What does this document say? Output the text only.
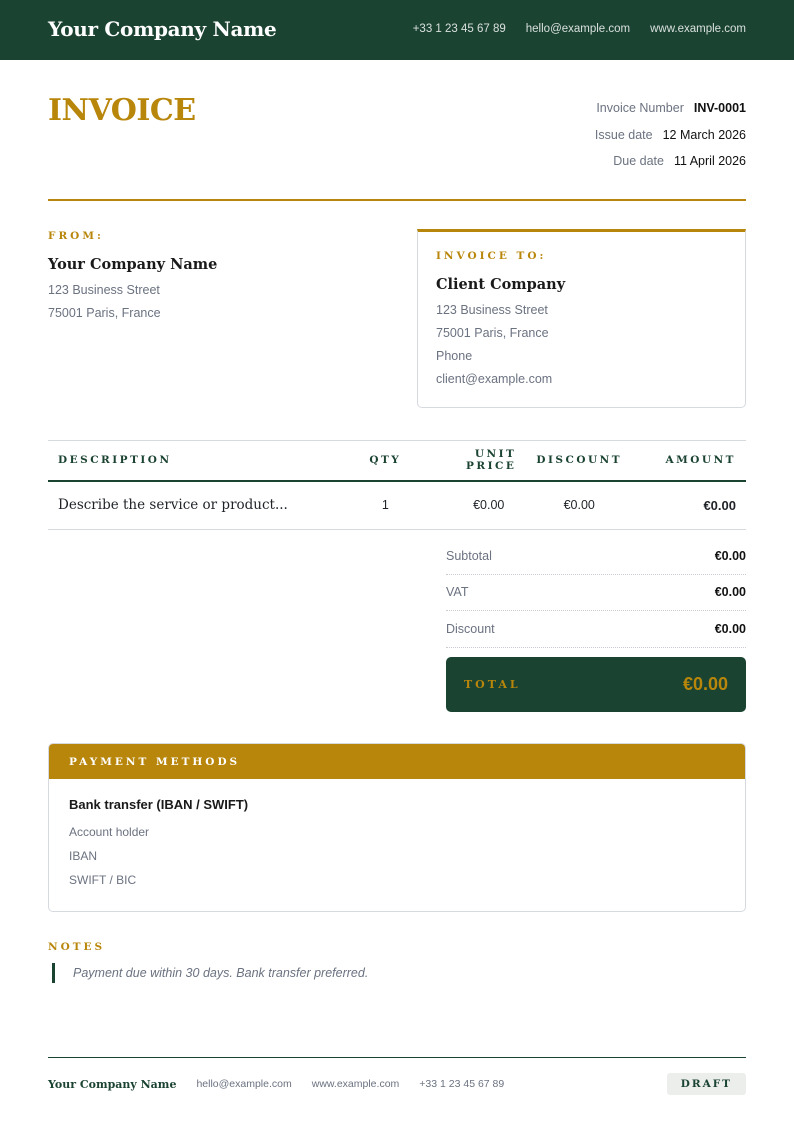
Your Company Name	+33 1 23 45 67 89 hello@example.com www.example.com
INVOICE	Invoice Number INV-0001
Issue date 12 March 2026
Due date 11 April 2026
FROM:
Your Company Name
123 Business Street
75001 Paris, France
INVOICE TO:
Client Company
123 Business Street
75001 Paris, France
Phone
client@example.com
DESCRIPTION	QTY	UNIT PRICE	DISCOUNT	AMOUNT
Describe the service or product...	1	€0.00	€0.00	€0.00
Subtotal	€0.00
VAT	€0.00
Discount	€0.00
TOTAL	€0.00
PAYMENT METHODS
Bank transfer (IBAN / SWIFT)
Account holder
IBAN
SWIFT / BIC
NOTES
Payment due within 30 days. Bank transfer preferred.
Your Company Name hello@example.com www.example.com +33 1 23 45 67 89	DRAFT
